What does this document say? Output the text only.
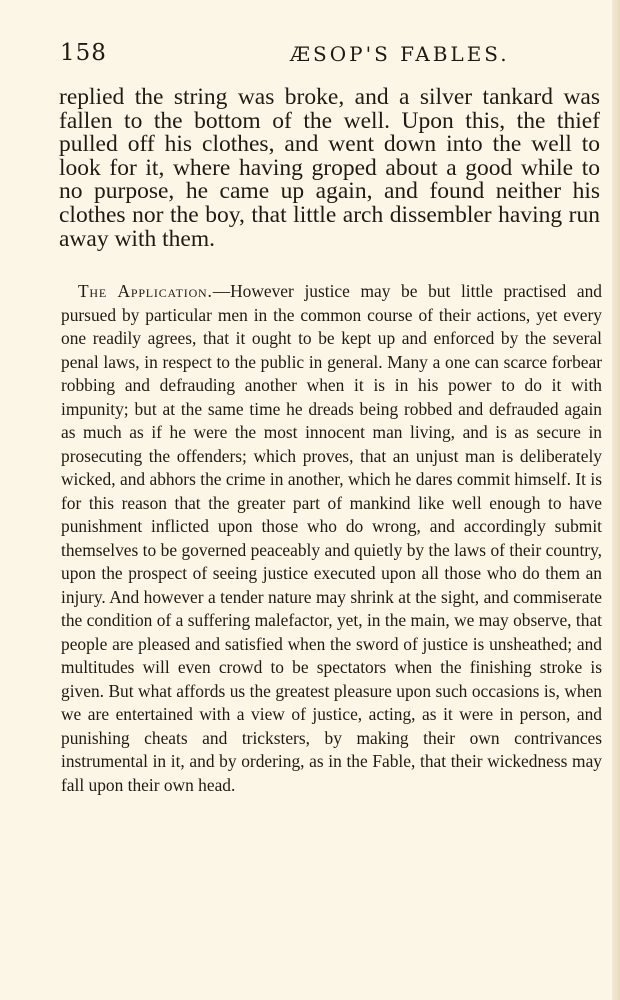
158	ÆSOP'S FABLES.

replied the string was broke, and a silver tankard was fallen to the bottom of the well. Upon this, the thief pulled off his clothes, and went down into the well to look for it, where having groped about a good while to no purpose, he came up again, and found neither his clothes nor the boy, that little arch dissembler having run away with them.

The Application.—However justice may be but little practised and pursued by particular men in the common course of their actions, yet every one readily agrees, that it ought to be kept up and enforced by the several penal laws, in respect to the public in general. Many a one can scarce forbear robbing and defrauding another when it is in his power to do it with impunity; but at the same time he dreads being robbed and defrauded again as much as if he were the most innocent man living, and is as secure in prosecuting the offenders; which proves, that an unjust man is deliberately wicked, and abhors the crime in another, which he dares commit himself. It is for this reason that the greater part of mankind like well enough to have punishment inflicted upon those who do wrong, and accordingly submit themselves to be governed peaceably and quietly by the laws of their country, upon the prospect of seeing justice executed upon all those who do them an injury. And however a tender nature may shrink at the sight, and commiserate the condition of a suffering malefactor, yet, in the main, we may observe, that people are pleased and satisfied when the sword of justice is unsheathed; and multitudes will even crowd to be spectators when the finishing stroke is given. But what affords us the greatest pleasure upon such occasions is, when we are entertained with a view of justice, acting, as it were in person, and punishing cheats and tricksters, by making their own contrivances instrumental in it, and by ordering, as in the Fable, that their wickedness may fall upon their own head.
